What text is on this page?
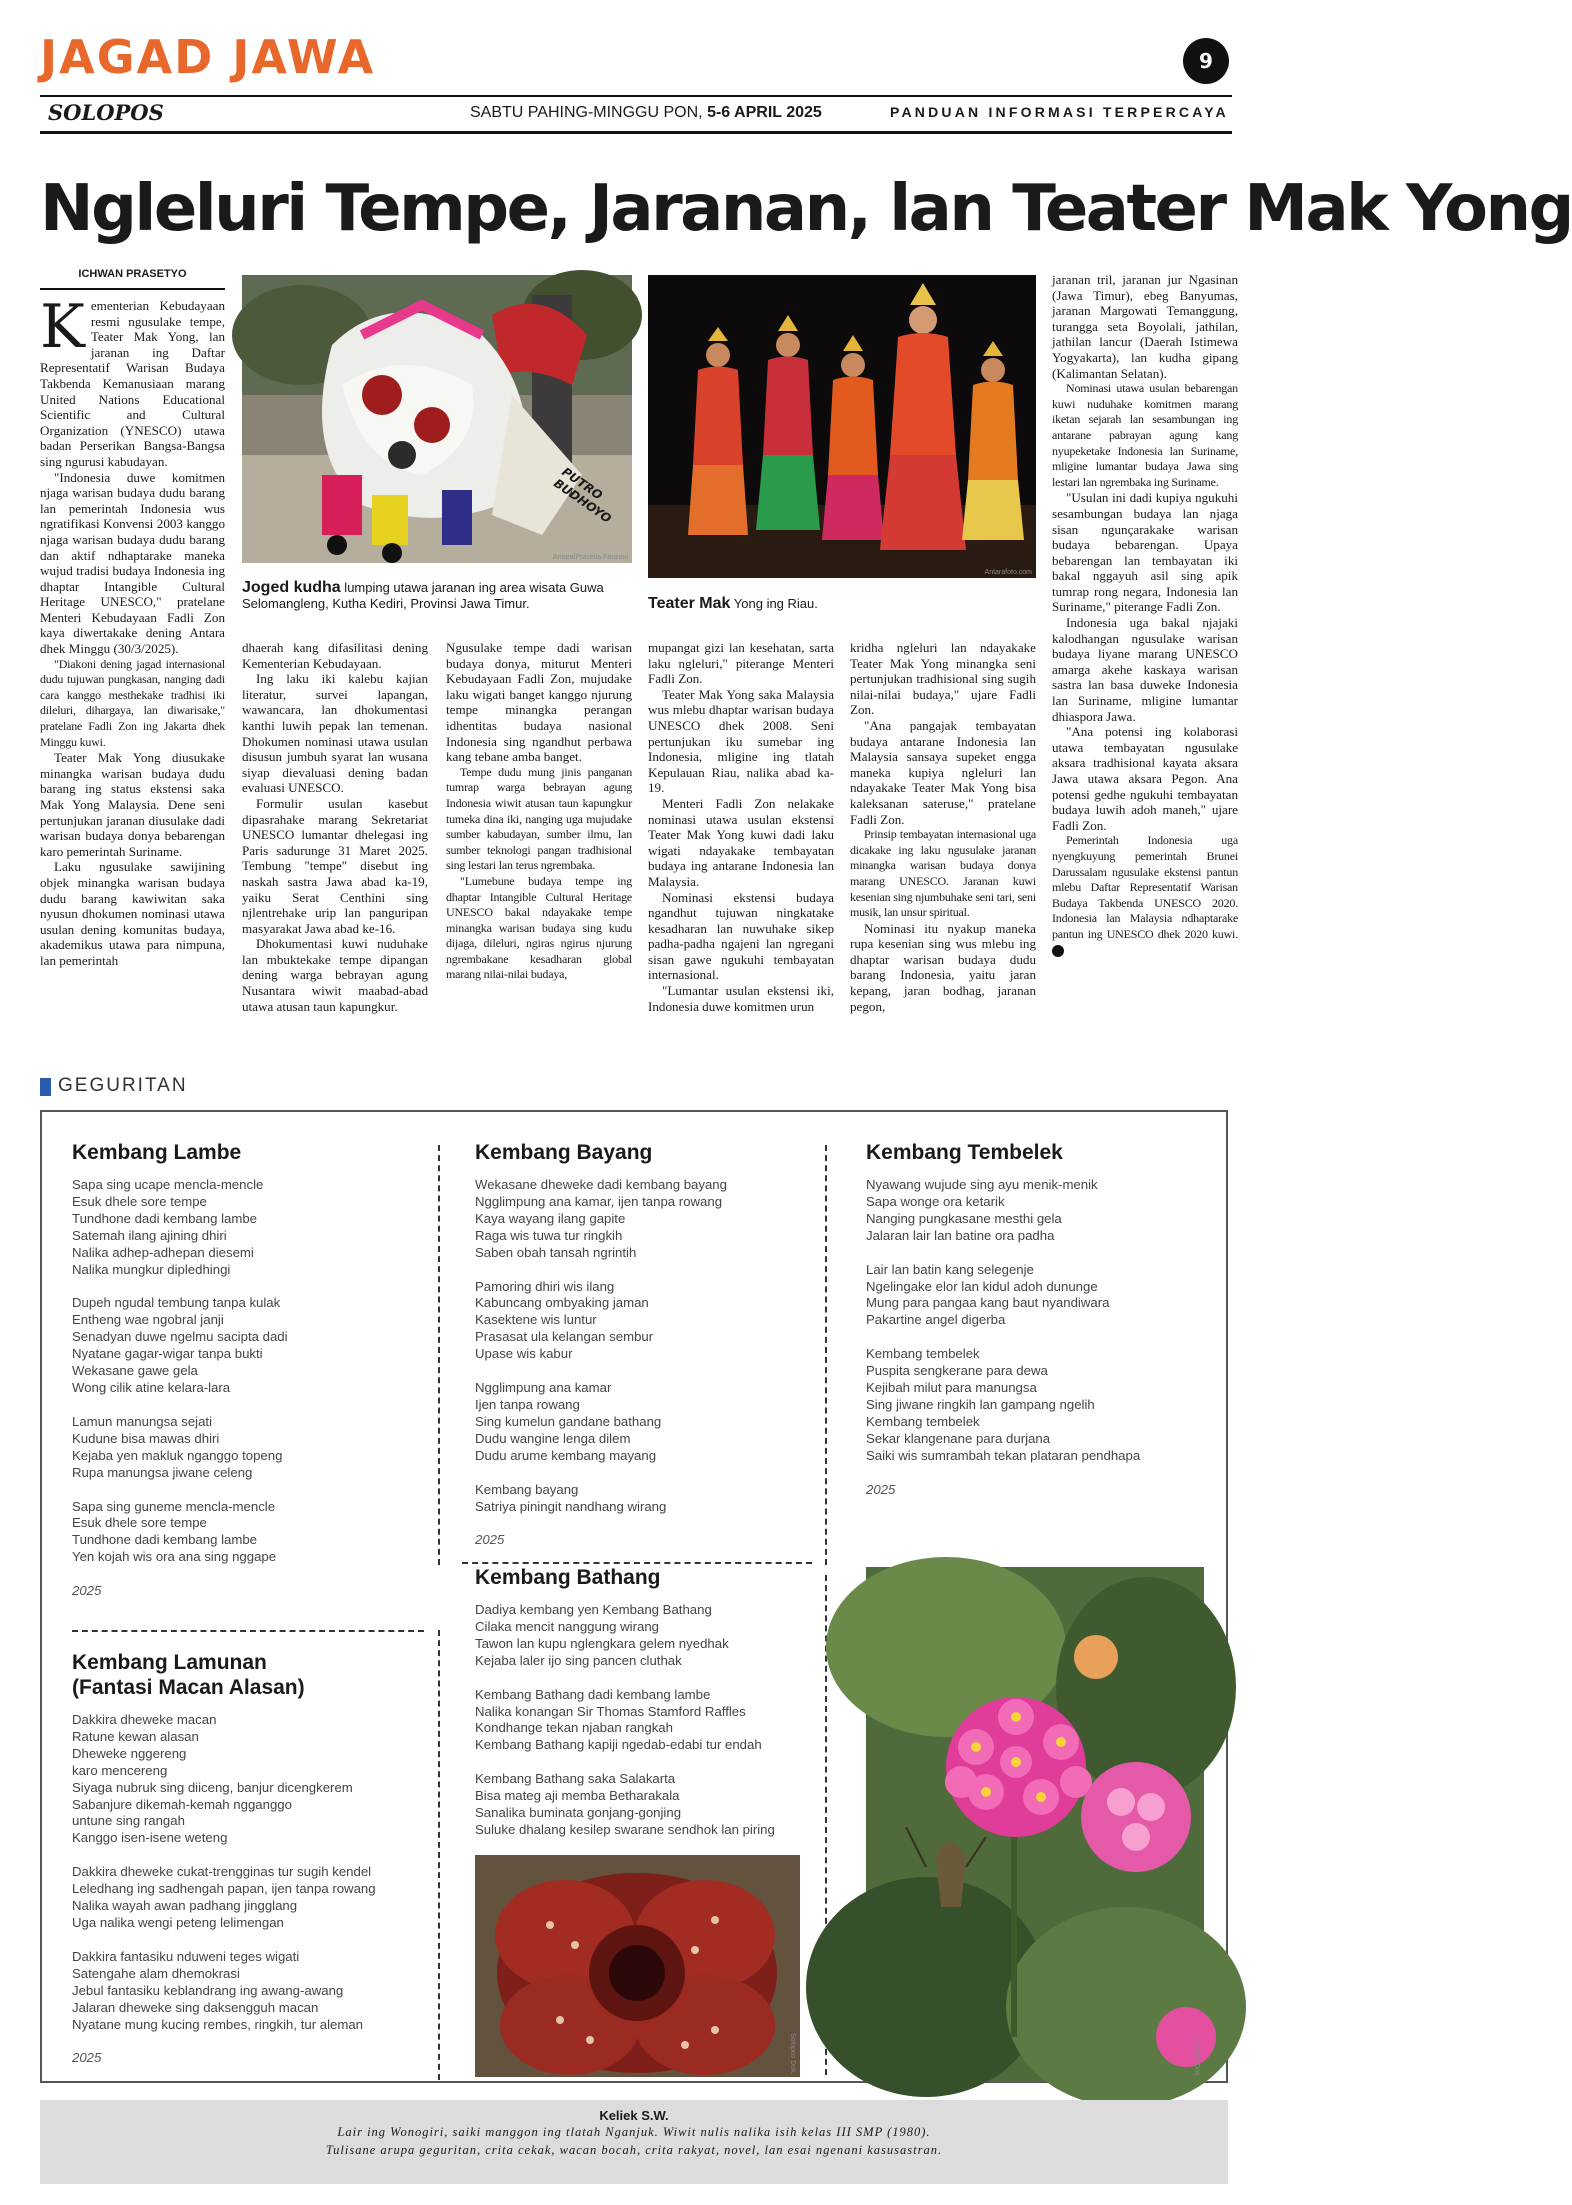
JAGAD JAWA	9
SOLOPOS	SABTU PAHING-MINGGU PON, 5-6 APRIL 2025	PANDUAN INFORMASI TERPERCAYA
Ngleluri Tempe, Jaranan, lan Teater Mak Yong
ICHWAN PRASETYO

Kementerian Kebudayaan resmi ngusulake tempe, Teater Mak Yong, lan jaranan ing Daftar Representatif Warisan Budaya Takbenda Kemanusiaan marang United Nations Educational Scientific and Cultural Organization (YNESCO) utawa badan Perserikan Bangsa-Bangsa sing ngurusi kabudayan.

"Indonesia duwe komitmen njaga warisan budaya dudu barang lan pemerintah Indonesia wus ngratifikasi Konvensi 2003 kanggo njaga warisan budaya dudu barang dan aktif ndhaptarake maneka wujud tradisi budaya Indonesia ing dhaptar Intangible Cultural Heritage UNESCO," pratelane Menteri Kebudayaan Fadli Zon kaya diwertakake dening Antara dhek Minggu (30/3/2025).

"Diakoni dening jagad internasional dudu tujuwan pungkasan, nanging dadi cara kanggo mesthekake tradhisi iki dileluri, dihargaya, lan diwarisake," pratelane Fadli Zon ing Jakarta dhek Minggu kuwi.

Teater Mak Yong diusukake minangka warisan budaya dudu barang ing status ekstensi saka Mak Yong Malaysia. Dene seni pertunjukan jaranan diusulake dadi warisan budaya donya bebarengan karo pemerintah Suriname.

Laku ngusulake sawijining objek minangka warisan budaya dudu barang kawiwitan saka nyusun dhokumen nominasi utawa usulan dening komunitas budaya, akademikus utawa para nimpuna, lan pemerintah

PUTRO BUDHOYO
Antara/Prasetia Fauzani
Joged kudha lumping utawa jaranan ing area wisata Guwa Selomangleng, Kutha Kediri, Provinsi Jawa Timur.
Antarafoto.com
Teater Mak Yong ing Riau.

dhaerah kang difasilitasi dening Kementerian Kebudayaan.

Ing laku iki kalebu kajian literatur, survei lapangan, wawancara, lan dhokumentasi kanthi luwih pepak lan temenan. Dhokumen nominasi utawa usulan disusun jumbuh syarat lan wusana siyap dievaluasi dening badan evaluasi UNESCO.

Formulir usulan kasebut dipasrahake marang Sekretariat UNESCO lumantar dhelegasi ing Paris sadurunge 31 Maret 2025. Tembung "tempe" disebut ing naskah sastra Jawa abad ka-19, yaiku Serat Centhini sing njlentrehake urip lan panguripan masyarakat Jawa abad ke-16.

Dhokumentasi kuwi nuduhake lan mbuktekake tempe dipangan dening warga bebrayan agung Nusantara wiwit maabad-abad utawa atusan taun kapungkur.

Ngusulake tempe dadi warisan budaya donya, miturut Menteri Kebudayaan Fadli Zon, mujudake laku wigati banget kanggo njurung tempe minangka perangan idhentitas budaya nasional Indonesia sing ngandhut perbawa kang tebane amba banget.

Tempe dudu mung jinis panganan tumrap warga bebrayan agung Indonesia wiwit atusan taun kapungkur tumeka dina iki, nanging uga mujudake sumber kabudayan, sumber ilmu, lan sumber teknologi pangan tradhisional sing lestari lan terus ngrembaka.

"Lumebune budaya tempe ing dhaptar Intangible Cultural Heritage UNESCO bakal ndayakake tempe minangka warisan budaya sing kudu dijaga, dileluri, ngiras ngirus njurung ngrembakane kesadharan global marang nilai-nilai budaya,

mupangat gizi lan kesehatan, sarta laku ngleluri," piterange Menteri Fadli Zon.

Teater Mak Yong saka Malaysia wus mlebu dhaptar warisan budaya UNESCO dhek 2008. Seni pertunjukan iku sumebar ing Indonesia, mligine ing tlatah Kepulauan Riau, nalika abad ka-19.

Menteri Fadli Zon nelakake nominasi utawa usulan ekstensi Teater Mak Yong kuwi dadi laku wigati ndayakake tembayatan budaya ing antarane Indonesia lan Malaysia.

Nominasi ekstensi budaya ngandhut tujuwan ningkatake kesadharan lan nuwuhake sikep padha-padha ngajeni lan ngregani sisan gawe ngukuhi tembayatan internasional.

"Lumantar usulan ekstensi iki, Indonesia duwe komitmen urun

kridha ngleluri lan ndayakake Teater Mak Yong minangka seni pertunjukan tradhisional sing sugih nilai-nilai budaya," ujare Fadli Zon.

"Ana pangajak tembayatan budaya antarane Indonesia lan Malaysia sansaya supeket engga maneka kupiya ngleluri lan ndayakake Teater Mak Yong bisa kaleksanan sateruse," pratelane Fadli Zon.

Prinsip tembayatan internasional uga dicakake ing laku ngusulake jaranan minangka warisan budaya donya marang UNESCO. Jaranan kuwi kesenian sing njumbuhake seni tari, seni musik, lan unsur spiritual.

Nominasi itu nyakup maneka rupa kesenian sing wus mlebu ing dhaptar warisan budaya dudu barang Indonesia, yaitu jaran kepang, jaran bodhag, jaranan pegon,

jaranan tril, jaranan jur Ngasinan (Jawa Timur), ebeg Banyumas, jaranan Margowati Temanggung, turangga seta Boyolali, jathilan, jathilan lancur (Daerah Istimewa Yogyakarta), lan kudha gipang (Kalimantan Selatan).

Nominasi utawa usulan bebarengan kuwi nuduhake komitmen marang iketan sejarah lan sesambungan ing antarane pabrayan agung kang nyupeketake Indonesia lan Suriname, mligine lumantar budaya Jawa sing lestari lan ngrembaka ing Suriname.

"Usulan ini dadi kupiya ngukuhi sesambungan budaya lan njaga sisan ngunçarakake warisan budaya bebarengan. Upaya bebarengan lan tembayatan iki bakal nggayuh asil sing apik tumrap rong negara, Indonesia lan Suriname," piterange Fadli Zon.

Indonesia uga bakal njajaki kalodhangan ngusulake warisan budaya liyane marang UNESCO amarga akehe kaskaya warisan sastra lan basa duweke Indonesia lan Suriname, mligine lumantar dhiaspora Jawa.

"Ana potensi ing kolaborasi utawa tembayatan ngusulake aksara tradhisional kayata aksara Jawa utawa aksara Pegon. Ana potensi gedhe ngukuhi tembayatan budaya luwih adoh maneh," ujare Fadli Zon.

Pemerintah Indonesia uga nyengkuyung pemerintah Brunei Darussalam ngusulake ekstensi pantun mlebu Daftar Representatif Warisan Budaya Takbenda UNESCO 2020. Indonesia lan Malaysia ndhaptarake pantun ing UNESCO dhek 2020 kuwi.

GEGURITAN
Kembang Lambe
Sapa sing ucape mencla-mencle
Esuk dhele sore tempe
Tundhone dadi kembang lambe
Satemah ilang ajining dhiri
Nalika adhep-adhepan diesemi
Nalika mungkur dipledhingi
Dupeh ngudal tembung tanpa kulak
Entheng wae ngobral janji
Senadyan duwe ngelmu sacipta dadi
Nyatane gagar-wigar tanpa bukti
Wekasane gawe gela
Wong cilik atine kelara-lara
Lamun manungsa sejati
Kudune bisa mawas dhiri
Kejaba yen makluk nganggo topeng
Rupa manungsa jiwane celeng
Sapa sing guneme mencla-mencle
Esuk dhele sore tempe
Tundhone dadi kembang lambe
Yen kojah wis ora ana sing nggape
2025
Kembang Lamunan (Fantasi Macan Alasan)
Dakkira dheweke macan
Ratune kewan alasan
Dheweke nggereng
karo mencereng
Siyaga nubruk sing diiceng, banjur dicengkerem
Sabanjure dikemah-kemah ngganggo
untune sing rangah
Kanggo isen-isene weteng
Dakkira dheweke cukat-trengginas tur sugih kendel
Leledhang ing sadhengah papan, ijen tanpa rowang
Nalika wayah awan padhang jingglang
Uga nalika wengi peteng lelimengan
Dakkira fantasiku nduweni teges wigati
Satengahe alam dhemokrasi
Jebul fantasiku keblandrang ing awang-awang
Jalaran dheweke sing daksengguh macan
Nyatane mung kucing rembes, ringkih, tur aleman
2025
Kembang Bayang
Wekasane dheweke dadi kembang bayang
Ngglimpung ana kamar, ijen tanpa rowang
Kaya wayang ilang gapite
Raga wis tuwa tur ringkih
Saben obah tansah ngrintih
Pamoring dhiri wis ilang
Kabuncang ombyaking jaman
Kasektene wis luntur
Prasasat ula kelangan sembur
Upase wis kabur
Ngglimpung ana kamar
Ijen tanpa rowang
Sing kumelun gandane bathang
Dudu wangine lenga dilem
Dudu arume kembang mayang
Kembang bayang
Satriya piningit nandhang wirang
2025
Kembang Bathang
Dadiya kembang yen Kembang Bathang
Cilaka mencit nanggung wirang
Tawon lan kupu nglengkara gelem nyedhak
Kejaba laler ijo sing pancen cluthak
Kembang Bathang dadi kembang lambe
Nalika konangan Sir Thomas Stamford Raffles
Kondhange tekan njaban rangkah
Kembang Bathang kapiji ngedab-edabi tur endah
Kembang Bathang saka Salakarta
Bisa mateg aji memba Betharakala
Sanalika buminata gonjang-gonjing
Suluke dhalang kesilep swarane sendhok lan piring
Solopos Dok.
Kembang Tembelek
Nyawang wujude sing ayu menik-menik
Sapa wonge ora ketarik
Nanging pungkasane mesthi gela
Jalaran lair lan batine ora padha
Lair lan batin kang selegenje
Ngelingake elor lan kidul adoh dununge
Mung para pangaa kang baut nyandiwara
Pakartine angel digerba
Kembang tembelek
Puspita sengkerane para dewa
Kejibah milut para manungsa
Sing jiwane ringkih lan gampang ngelih
Kembang tembelek
Sekar klangenane para durjana
Saiki wis sumrambah tekan plataran pendhapa
2025
Solopos Dok.
Keliek S.W.
Lair ing Wonogiri, saiki manggon ing tlatah Nganjuk. Wiwit nulis nalika isih kelas III SMP (1980).
Tulisane arupa geguritan, crita cekak, wacan bocah, crita rakyat, novel, lan esai ngenani kasusastran.
